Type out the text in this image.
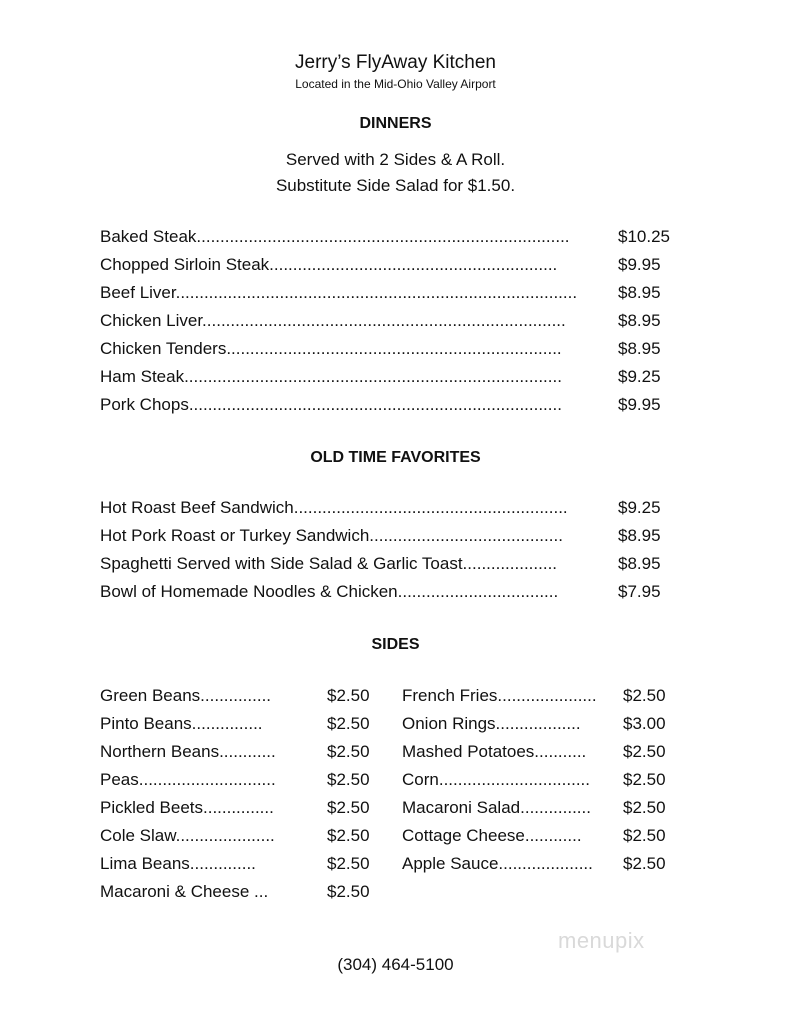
Jerry’s FlyAway Kitchen
Located in the Mid-Ohio Valley Airport
DINNERS
Served with 2 Sides & A Roll.
Substitute Side Salad for $1.50.
Baked Steak...............................................................................	$10.25
Chopped Sirloin Steak.............................................................	$9.95
Beef Liver..................................................................................... $8.95
Chicken Liver.............................................................................	$8.95
Chicken Tenders.......................................................................	$8.95
Ham Steak................................................................................	$9.25
Pork Chops...............................................................................	$9.95
OLD TIME FAVORITES
Hot Roast Beef Sandwich..........................................................	$9.25
Hot Pork Roast or Turkey Sandwich.........................................	$8.95
Spaghetti Served with Side Salad & Garlic Toast....................	$8.95
Bowl of Homemade Noodles & Chicken..................................	$7.95
SIDES
Green Beans...............	$2.50
Pinto Beans...............	$2.50
Northern Beans............	$2.50
Peas.............................	$2.50
Pickled Beets...............	$2.50
Cole Slaw.....................	$2.50
Lima Beans..............	$2.50
Macaroni & Cheese ...	$2.50
French Fries..................... $2.50
Onion Rings.................. $3.00
Mashed Potatoes........... $2.50
Corn................................ $2.50
Macaroni Salad............... $2.50
Cottage Cheese............ $2.50
Apple Sauce.................... $2.50
menupix
(304) 464-5100
